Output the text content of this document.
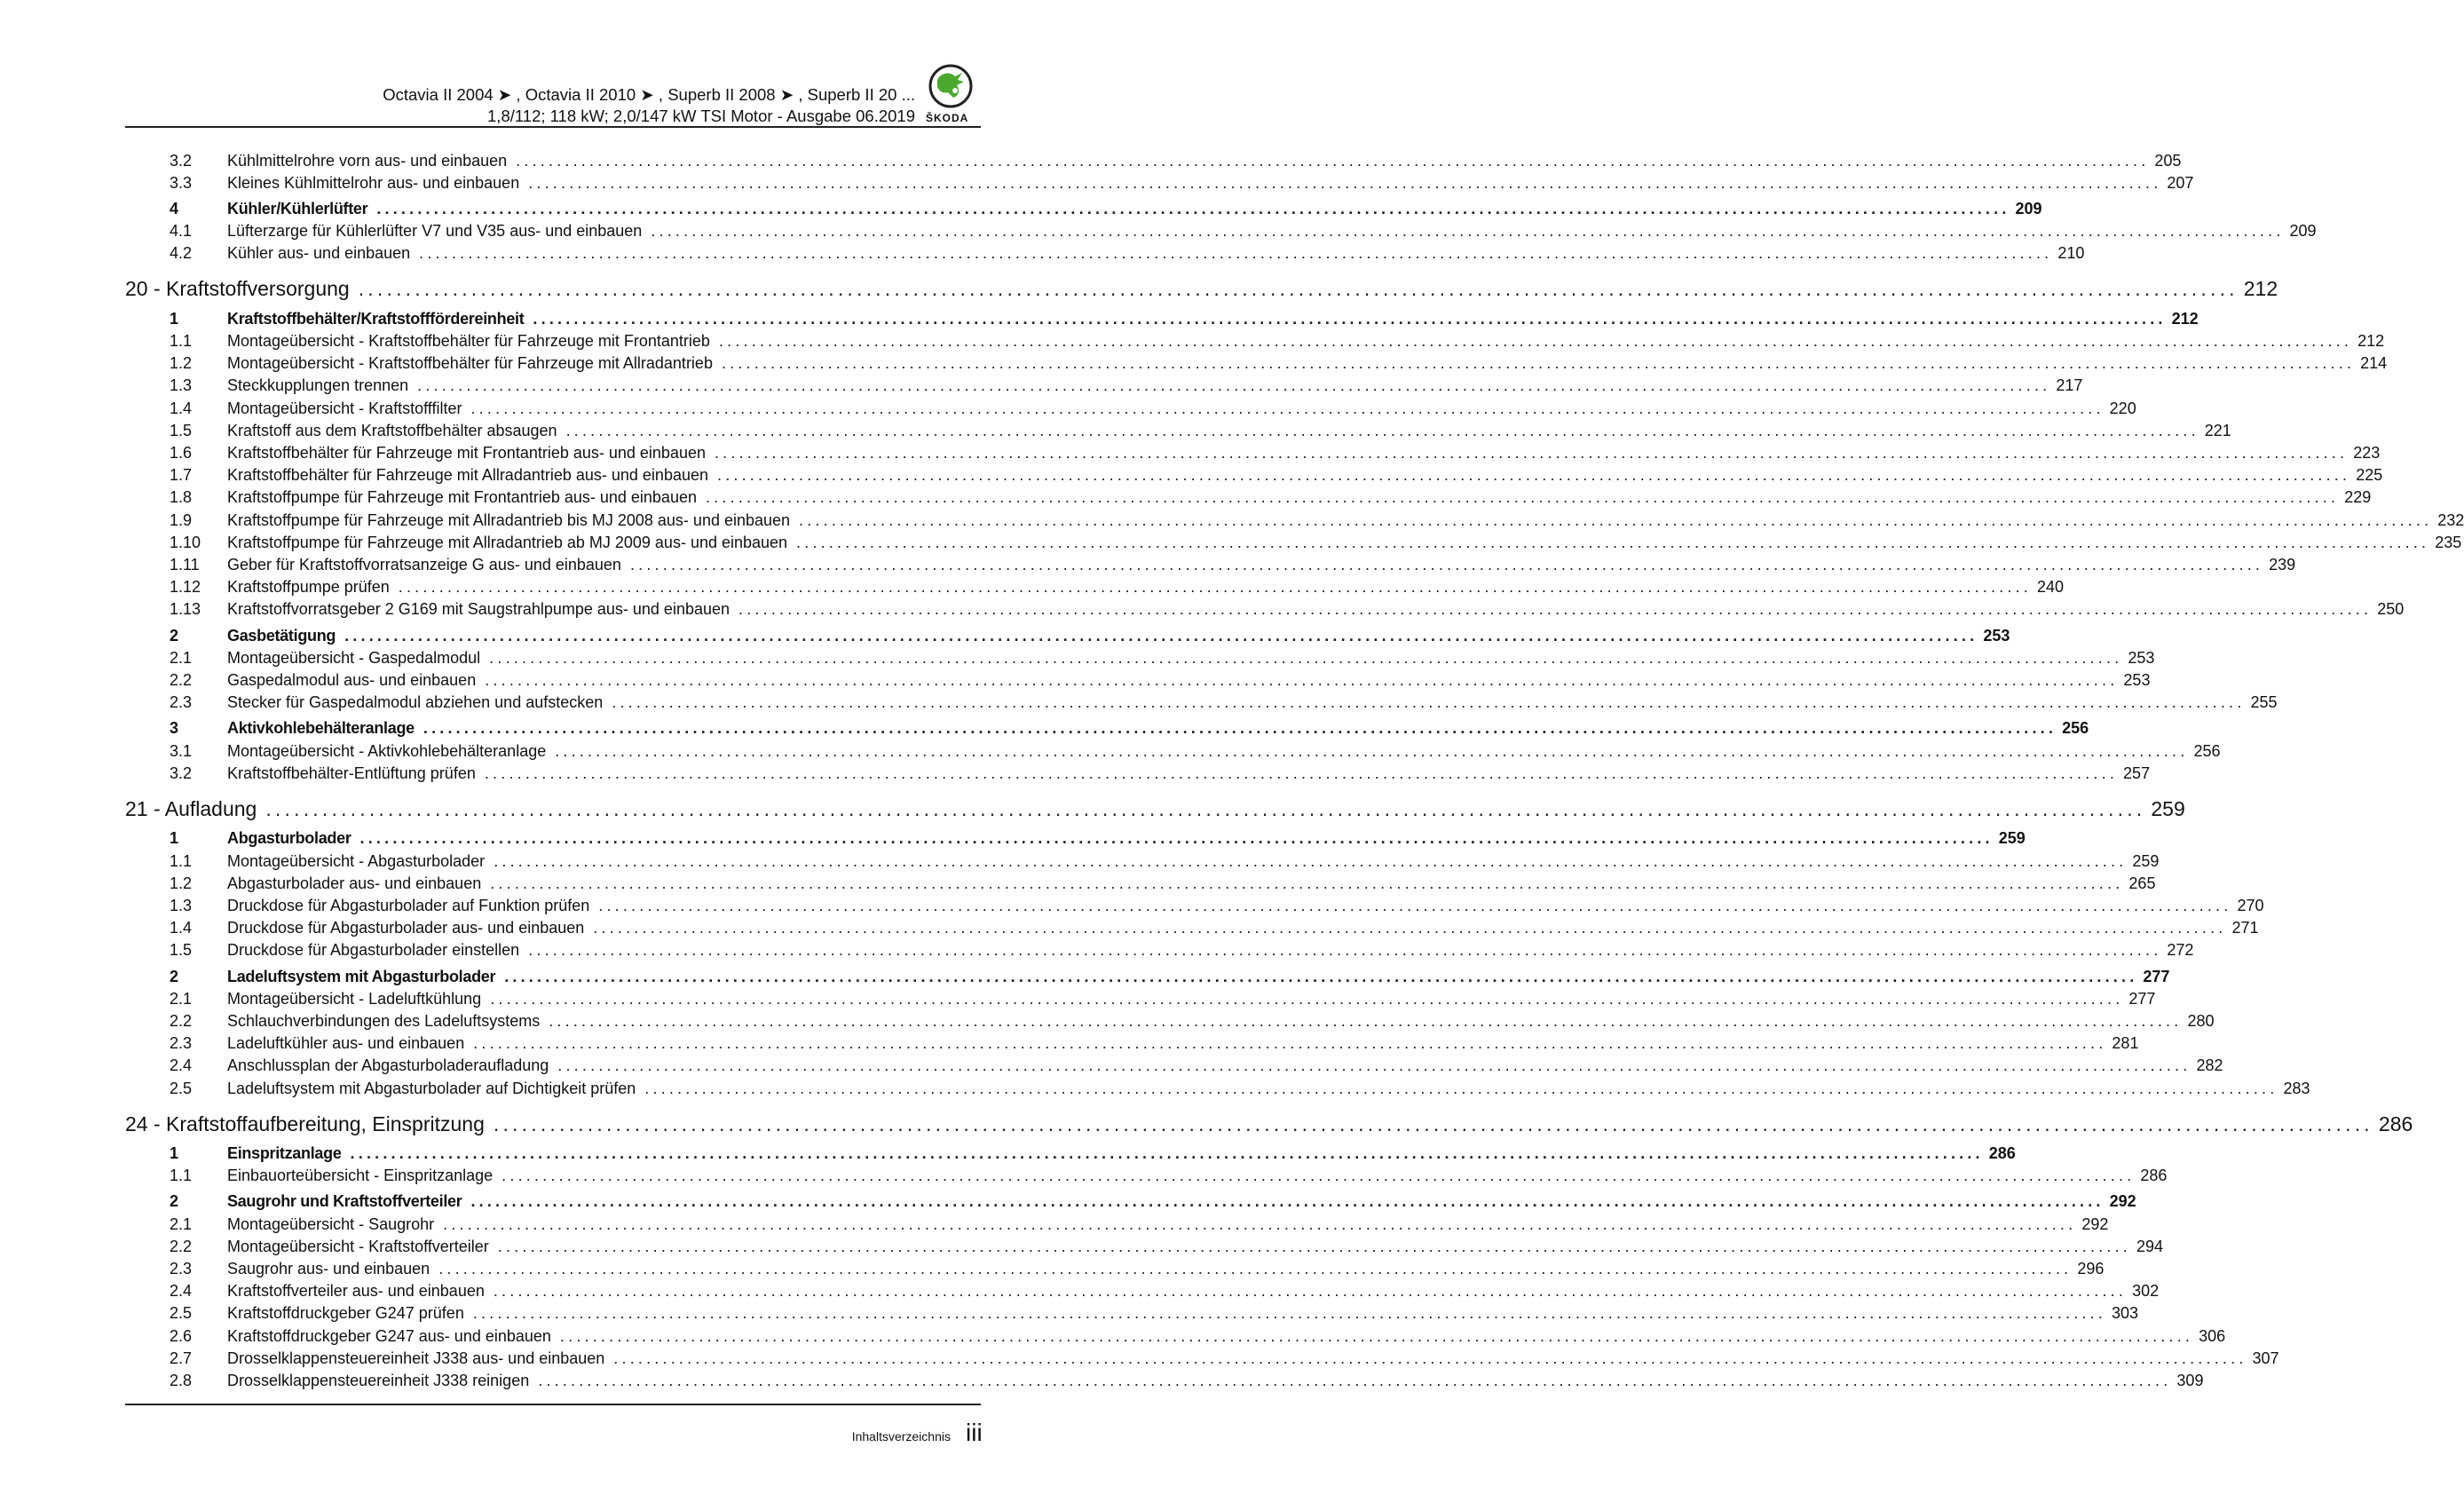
Octavia II 2004 ➤ , Octavia II 2010 ➤ , Superb II 2008 ➤ , Superb II 20 ...
1,8/112; 118 kW; 2,0/147 kW TSI Motor - Ausgabe 06.2019 ŠKODA
3.2 Kühlmittelrohre vorn aus- und einbauen ........................................................................................................................................................................................................ 205
3.3 Kleines Kühlmittelrohr aus- und einbauen ........................................................................................................................................................................................................ 207
4	Kühler/Kühlerlüfter ........................................................................................................................................................................................................ 209
4.1 Lüfterzarge für Kühlerlüfter V7 und V35 aus- und einbauen ........................................................................................................................................................................................................ 209
4.2 Kühler aus- und einbauen ........................................................................................................................................................................................................ 210
20 - Kraftstoffversorgung ........................................................................................................................................................................................................ 212
1	Kraftstoffbehälter/Kraftstofffördereinheit ........................................................................................................................................................................................................ 212
1.1 Montageübersicht - Kraftstoffbehälter für Fahrzeuge mit Frontantrieb ........................................................................................................................................................................................................ 212
1.2 Montageübersicht - Kraftstoffbehälter für Fahrzeuge mit Allradantrieb ........................................................................................................................................................................................................ 214
1.3 Steckkupplungen trennen ........................................................................................................................................................................................................ 217
1.4 Montageübersicht - Kraftstofffilter ........................................................................................................................................................................................................ 220
1.5 Kraftstoff aus dem Kraftstoffbehälter absaugen ........................................................................................................................................................................................................ 221
1.6 Kraftstoffbehälter für Fahrzeuge mit Frontantrieb aus- und einbauen ........................................................................................................................................................................................................ 223
1.7 Kraftstoffbehälter für Fahrzeuge mit Allradantrieb aus- und einbauen ........................................................................................................................................................................................................ 225
1.8 Kraftstoffpumpe für Fahrzeuge mit Frontantrieb aus- und einbauen ........................................................................................................................................................................................................ 229
1.9 Kraftstoffpumpe für Fahrzeuge mit Allradantrieb bis MJ 2008 aus- und einbauen ........................................................................................................................................................................................................ 232
1.10 Kraftstoffpumpe für Fahrzeuge mit Allradantrieb ab MJ 2009 aus- und einbauen ........................................................................................................................................................................................................ 235
1.11 Geber für Kraftstoffvorratsanzeige G aus- und einbauen ........................................................................................................................................................................................................ 239
1.12 Kraftstoffpumpe prüfen ........................................................................................................................................................................................................ 240
1.13 Kraftstoffvorratsgeber 2 G169 mit Saugstrahlpumpe aus- und einbauen ........................................................................................................................................................................................................ 250
2	Gasbetätigung ........................................................................................................................................................................................................ 253
2.1 Montageübersicht - Gaspedalmodul ........................................................................................................................................................................................................ 253
2.2 Gaspedalmodul aus- und einbauen ........................................................................................................................................................................................................ 253
2.3 Stecker für Gaspedalmodul abziehen und aufstecken ........................................................................................................................................................................................................ 255
3	Aktivkohlebehälteranlage ........................................................................................................................................................................................................ 256
3.1 Montageübersicht - Aktivkohlebehälteranlage ........................................................................................................................................................................................................ 256
3.2 Kraftstoffbehälter-Entlüftung prüfen ........................................................................................................................................................................................................ 257
21 - Aufladung ........................................................................................................................................................................................................ 259
1	Abgasturbolader ........................................................................................................................................................................................................ 259
1.1 Montageübersicht - Abgasturbolader ........................................................................................................................................................................................................ 259
1.2 Abgasturbolader aus- und einbauen ........................................................................................................................................................................................................ 265
1.3 Druckdose für Abgasturbolader auf Funktion prüfen ........................................................................................................................................................................................................ 270
1.4 Druckdose für Abgasturbolader aus- und einbauen ........................................................................................................................................................................................................ 271
1.5 Druckdose für Abgasturbolader einstellen ........................................................................................................................................................................................................ 272
2	Ladeluftsystem mit Abgasturbolader ........................................................................................................................................................................................................ 277
2.1 Montageübersicht - Ladeluftkühlung ........................................................................................................................................................................................................ 277
2.2 Schlauchverbindungen des Ladeluftsystems ........................................................................................................................................................................................................ 280
2.3 Ladeluftkühler aus- und einbauen ........................................................................................................................................................................................................ 281
2.4 Anschlussplan der Abgasturboladeraufladung ........................................................................................................................................................................................................ 282
2.5 Ladeluftsystem mit Abgasturbolader auf Dichtigkeit prüfen ........................................................................................................................................................................................................ 283
24 - Kraftstoffaufbereitung, Einspritzung ........................................................................................................................................................................................................ 286
1	Einspritzanlage ........................................................................................................................................................................................................ 286
1.1 Einbauorteübersicht - Einspritzanlage ........................................................................................................................................................................................................ 286
2	Saugrohr und Kraftstoffverteiler ........................................................................................................................................................................................................ 292
2.1 Montageübersicht - Saugrohr ........................................................................................................................................................................................................ 292
2.2 Montageübersicht - Kraftstoffverteiler ........................................................................................................................................................................................................ 294
2.3 Saugrohr aus- und einbauen ........................................................................................................................................................................................................ 296
2.4 Kraftstoffverteiler aus- und einbauen ........................................................................................................................................................................................................ 302
2.5 Kraftstoffdruckgeber G247 prüfen ........................................................................................................................................................................................................ 303
2.6 Kraftstoffdruckgeber G247 aus- und einbauen ........................................................................................................................................................................................................ 306
2.7 Drosselklappensteuereinheit J338 aus- und einbauen ........................................................................................................................................................................................................ 307
2.8 Drosselklappensteuereinheit J338 reinigen ........................................................................................................................................................................................................ 309
Inhaltsverzeichnis iii
